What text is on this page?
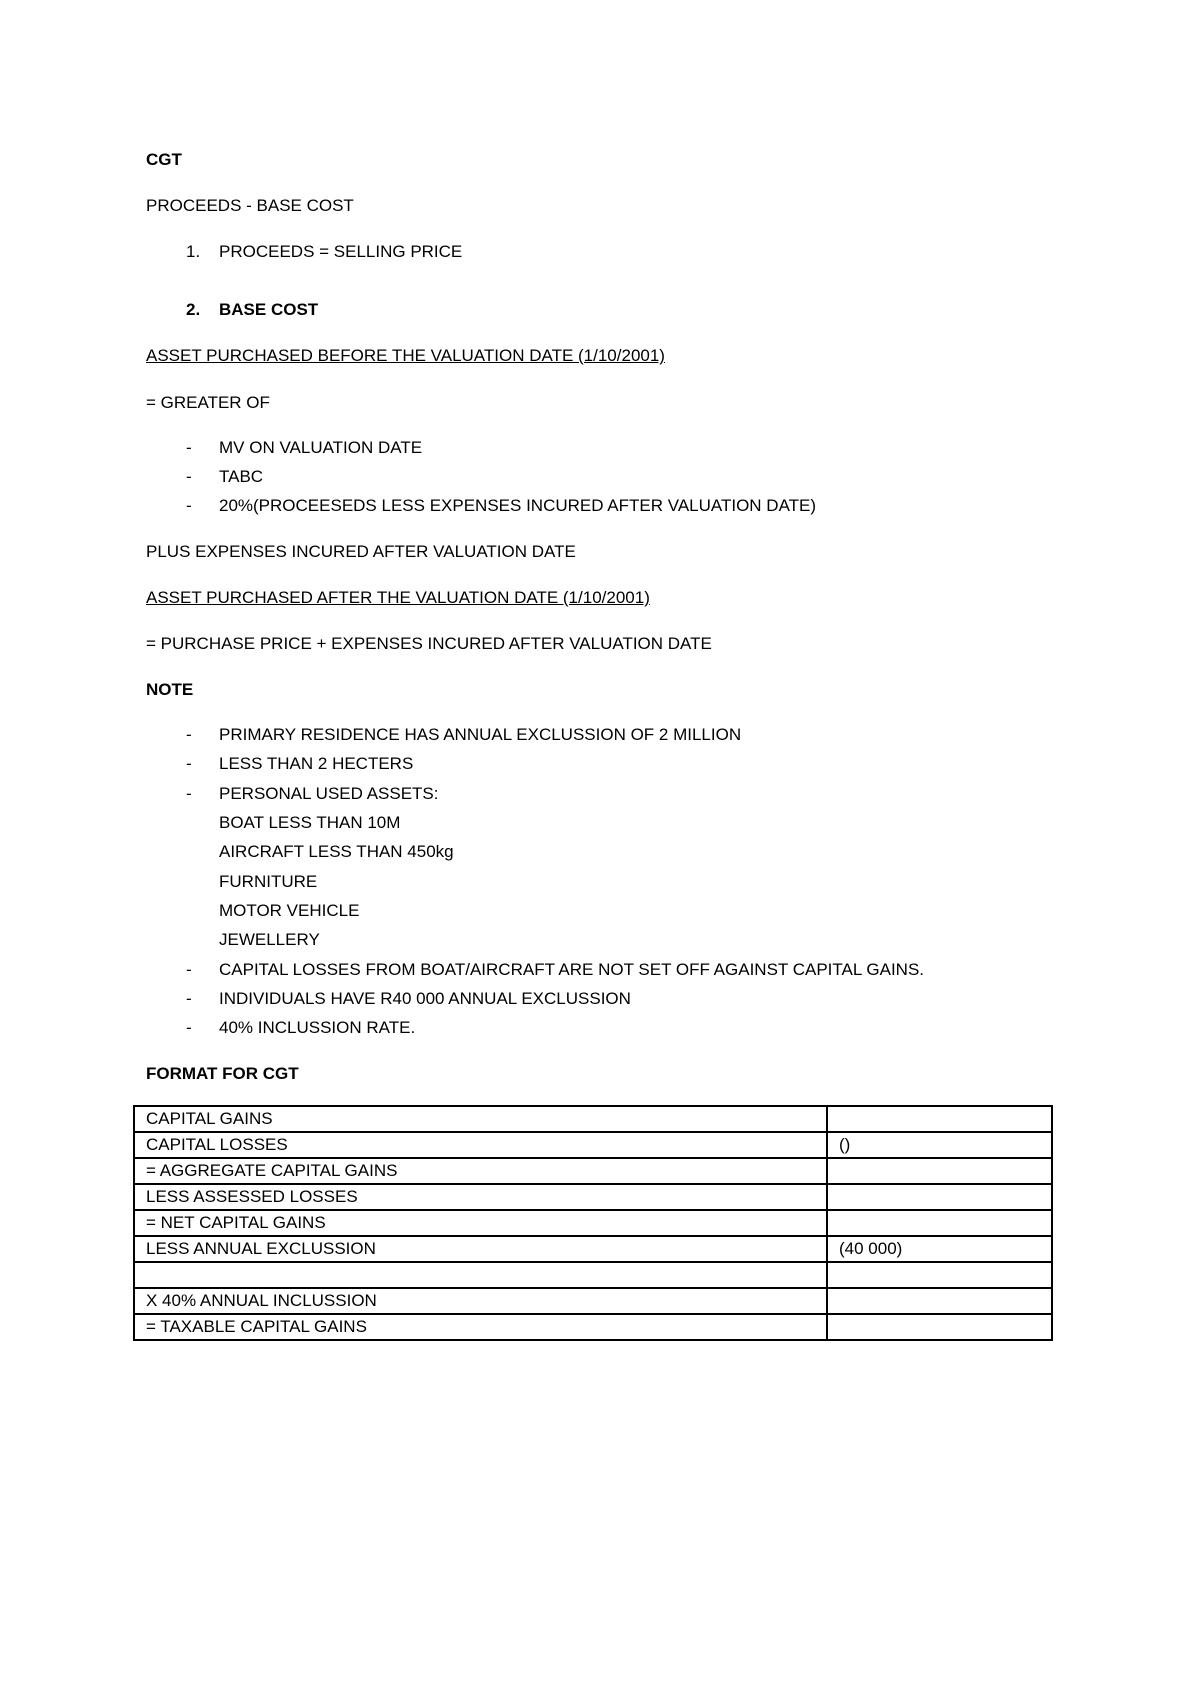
CGT
PROCEEDS - BASE COST
1. PROCEEDS = SELLING PRICE
2. BASE COST
ASSET PURCHASED BEFORE THE VALUATION DATE (1/10/2001)
= GREATER OF
- MV ON VALUATION DATE
- TABC
- 20%(PROCEESEDS LESS EXPENSES INCURED AFTER VALUATION DATE)
PLUS EXPENSES INCURED AFTER VALUATION DATE
ASSET PURCHASED AFTER THE VALUATION DATE (1/10/2001)
= PURCHASE PRICE + EXPENSES INCURED AFTER VALUATION DATE
NOTE
- PRIMARY RESIDENCE HAS ANNUAL EXCLUSSION OF 2 MILLION
- LESS THAN 2 HECTERS
- PERSONAL USED ASSETS:
BOAT LESS THAN 10M
AIRCRAFT LESS THAN 450kg
FURNITURE
MOTOR VEHICLE
JEWELLERY
- CAPITAL LOSSES FROM BOAT/AIRCRAFT ARE NOT SET OFF AGAINST CAPITAL GAINS.
- INDIVIDUALS HAVE R40 000 ANNUAL EXCLUSSION
- 40% INCLUSSION RATE.
FORMAT FOR CGT
CAPITAL GAINS	
CAPITAL LOSSES	()
= AGGREGATE CAPITAL GAINS	
LESS ASSESSED LOSSES	
= NET CAPITAL GAINS	
LESS ANNUAL EXCLUSSION	(40 000)

X 40% ANNUAL INCLUSSION	
= TAXABLE CAPITAL GAINS	
